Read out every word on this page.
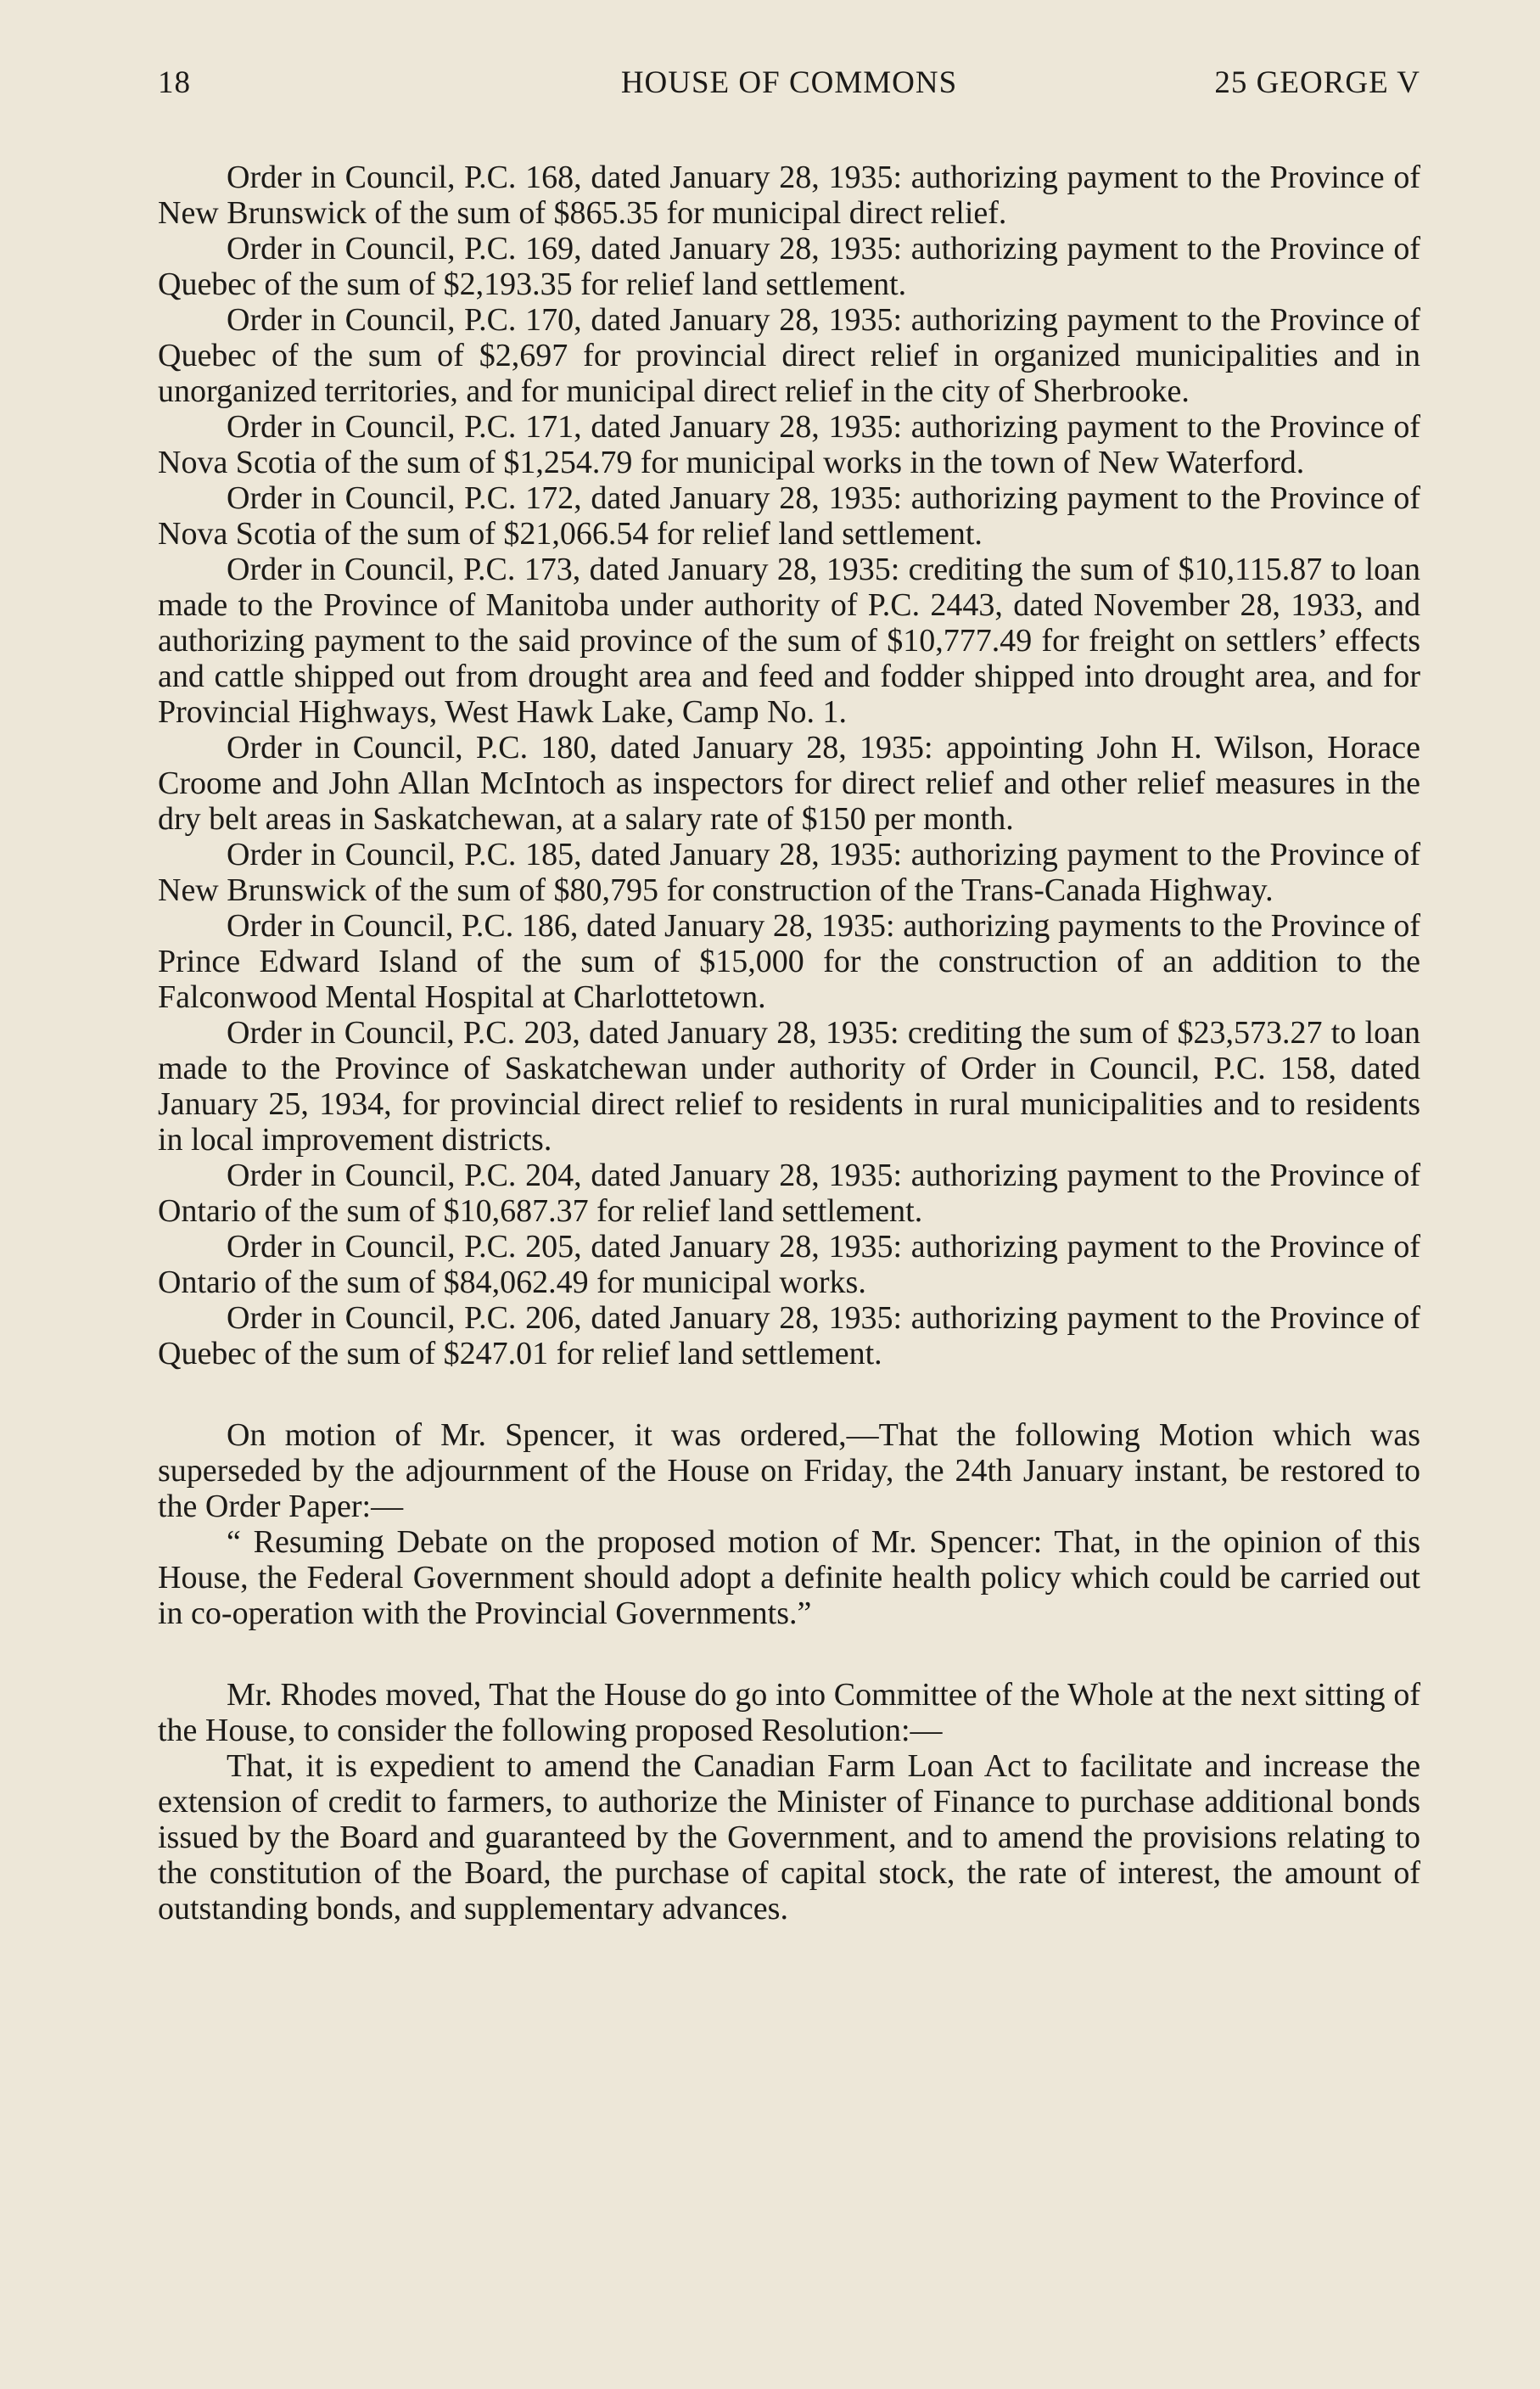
18	HOUSE OF COMMONS	25 GEORGE V

Order in Council, P.C. 168, dated January 28, 1935: authorizing payment to the Province of New Brunswick of the sum of $865.35 for municipal direct relief.

Order in Council, P.C. 169, dated January 28, 1935: authorizing payment to the Province of Quebec of the sum of $2,193.35 for relief land settlement.

Order in Council, P.C. 170, dated January 28, 1935: authorizing payment to the Province of Quebec of the sum of $2,697 for provincial direct relief in organized municipalities and in unorganized territories, and for municipal direct relief in the city of Sherbrooke.

Order in Council, P.C. 171, dated January 28, 1935: authorizing payment to the Province of Nova Scotia of the sum of $1,254.79 for municipal works in the town of New Waterford.

Order in Council, P.C. 172, dated January 28, 1935: authorizing payment to the Province of Nova Scotia of the sum of $21,066.54 for relief land settlement.

Order in Council, P.C. 173, dated January 28, 1935: crediting the sum of $10,115.87 to loan made to the Province of Manitoba under authority of P.C. 2443, dated November 28, 1933, and authorizing payment to the said province of the sum of $10,777.49 for freight on settlers’ effects and cattle shipped out from drought area and feed and fodder shipped into drought area, and for Provincial Highways, West Hawk Lake, Camp No. 1.

Order in Council, P.C. 180, dated January 28, 1935: appointing John H. Wilson, Horace Croome and John Allan McIntoch as inspectors for direct relief and other relief measures in the dry belt areas in Saskatchewan, at a salary rate of $150 per month.

Order in Council, P.C. 185, dated January 28, 1935: authorizing payment to the Province of New Brunswick of the sum of $80,795 for construction of the Trans-Canada Highway.

Order in Council, P.C. 186, dated January 28, 1935: authorizing payments to the Province of Prince Edward Island of the sum of $15,000 for the construction of an addition to the Falconwood Mental Hospital at Charlottetown.

Order in Council, P.C. 203, dated January 28, 1935: crediting the sum of $23,573.27 to loan made to the Province of Saskatchewan under authority of Order in Council, P.C. 158, dated January 25, 1934, for provincial direct relief to residents in rural municipalities and to residents in local improvement districts.

Order in Council, P.C. 204, dated January 28, 1935: authorizing payment to the Province of Ontario of the sum of $10,687.37 for relief land settlement.

Order in Council, P.C. 205, dated January 28, 1935: authorizing payment to the Province of Ontario of the sum of $84,062.49 for municipal works.

Order in Council, P.C. 206, dated January 28, 1935: authorizing payment to the Province of Quebec of the sum of $247.01 for relief land settlement.

On motion of Mr. Spencer, it was ordered,—That the following Motion which was superseded by the adjournment of the House on Friday, the 24th January instant, be restored to the Order Paper:—

“ Resuming Debate on the proposed motion of Mr. Spencer: That, in the opinion of this House, the Federal Government should adopt a definite health policy which could be carried out in co-operation with the Provincial Governments.”

Mr. Rhodes moved, That the House do go into Committee of the Whole at the next sitting of the House, to consider the following proposed Resolution:—

That, it is expedient to amend the Canadian Farm Loan Act to facilitate and increase the extension of credit to farmers, to authorize the Minister of Finance to purchase additional bonds issued by the Board and guaranteed by the Government, and to amend the provisions relating to the constitution of the Board, the purchase of capital stock, the rate of interest, the amount of outstanding bonds, and supplementary advances.
